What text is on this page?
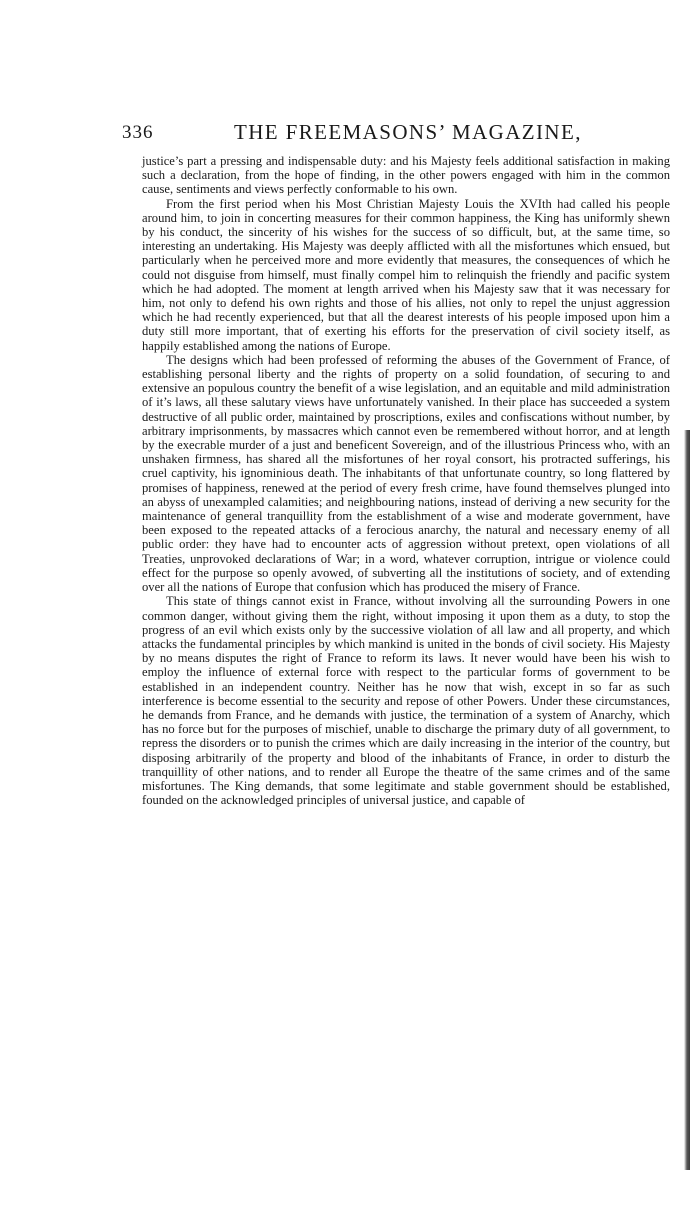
336	THE FREEMASONS’ MAGAZINE,

justice’s part a pressing and indispensable duty: and his Majesty feels additional satisfaction in making such a declaration, from the hope of finding, in the other powers engaged with him in the common cause, sentiments and views perfectly conformable to his own.

From the first period when his Most Christian Majesty Louis the XVIth had called his people around him, to join in concerting measures for their common happiness, the King has uniformly shewn by his conduct, the sincerity of his wishes for the success of so difficult, but, at the same time, so interesting an undertaking. His Majesty was deeply afflicted with all the misfortunes which ensued, but particularly when he perceived more and more evidently that measures, the consequences of which he could not disguise from himself, must finally compel him to relinquish the friendly and pacific system which he had adopted. The moment at length arrived when his Majesty saw that it was necessary for him, not only to defend his own rights and those of his allies, not only to repel the unjust aggression which he had recently experienced, but that all the dearest interests of his people imposed upon him a duty still more important, that of exerting his efforts for the preservation of civil society itself, as happily established among the nations of Europe.

The designs which had been professed of reforming the abuses of the Government of France, of establishing personal liberty and the rights of property on a solid foundation, of securing to and extensive an populous country the benefit of a wise legislation, and an equitable and mild administration of it’s laws, all these salutary views have unfortunately vanished. In their place has succeeded a system destructive of all public order, maintained by proscriptions, exiles and confiscations without number, by arbitrary imprisonments, by massacres which cannot even be remembered without horror, and at length by the execrable murder of a just and beneficent Sovereign, and of the illustrious Princess who, with an unshaken firmness, has shared all the misfortunes of her royal consort, his protracted sufferings, his cruel captivity, his ignominious death. The inhabitants of that unfortunate country, so long flattered by promises of happiness, renewed at the period of every fresh crime, have found themselves plunged into an abyss of unexampled calamities; and neighbouring nations, instead of deriving a new security for the maintenance of general tranquillity from the establishment of a wise and moderate government, have been exposed to the repeated attacks of a ferocious anarchy, the natural and necessary enemy of all public order: they have had to encounter acts of aggression without pretext, open violations of all Treaties, unprovoked declarations of War; in a word, whatever corruption, intrigue or violence could effect for the purpose so openly avowed, of subverting all the institutions of society, and of extending over all the nations of Europe that confusion which has produced the misery of France.

This state of things cannot exist in France, without involving all the surrounding Powers in one common danger, without giving them the right, without imposing it upon them as a duty, to stop the progress of an evil which exists only by the successive violation of all law and all property, and which attacks the fundamental principles by which mankind is united in the bonds of civil society. His Majesty by no means disputes the right of France to reform its laws. It never would have been his wish to employ the influence of external force with respect to the particular forms of government to be established in an independent country. Neither has he now that wish, except in so far as such interference is become essential to the security and repose of other Powers. Under these circumstances, he demands from France, and he demands with justice, the termination of a system of Anarchy, which has no force but for the purposes of mischief, unable to discharge the primary duty of all government, to repress the disorders or to punish the crimes which are daily increasing in the interior of the country, but disposing arbitrarily of the property and blood of the inhabitants of France, in order to disturb the tranquillity of other nations, and to render all Europe the theatre of the same crimes and of the same misfortunes. The King demands, that some legitimate and stable government should be established, founded on the acknowledged principles of universal justice, and capable of
